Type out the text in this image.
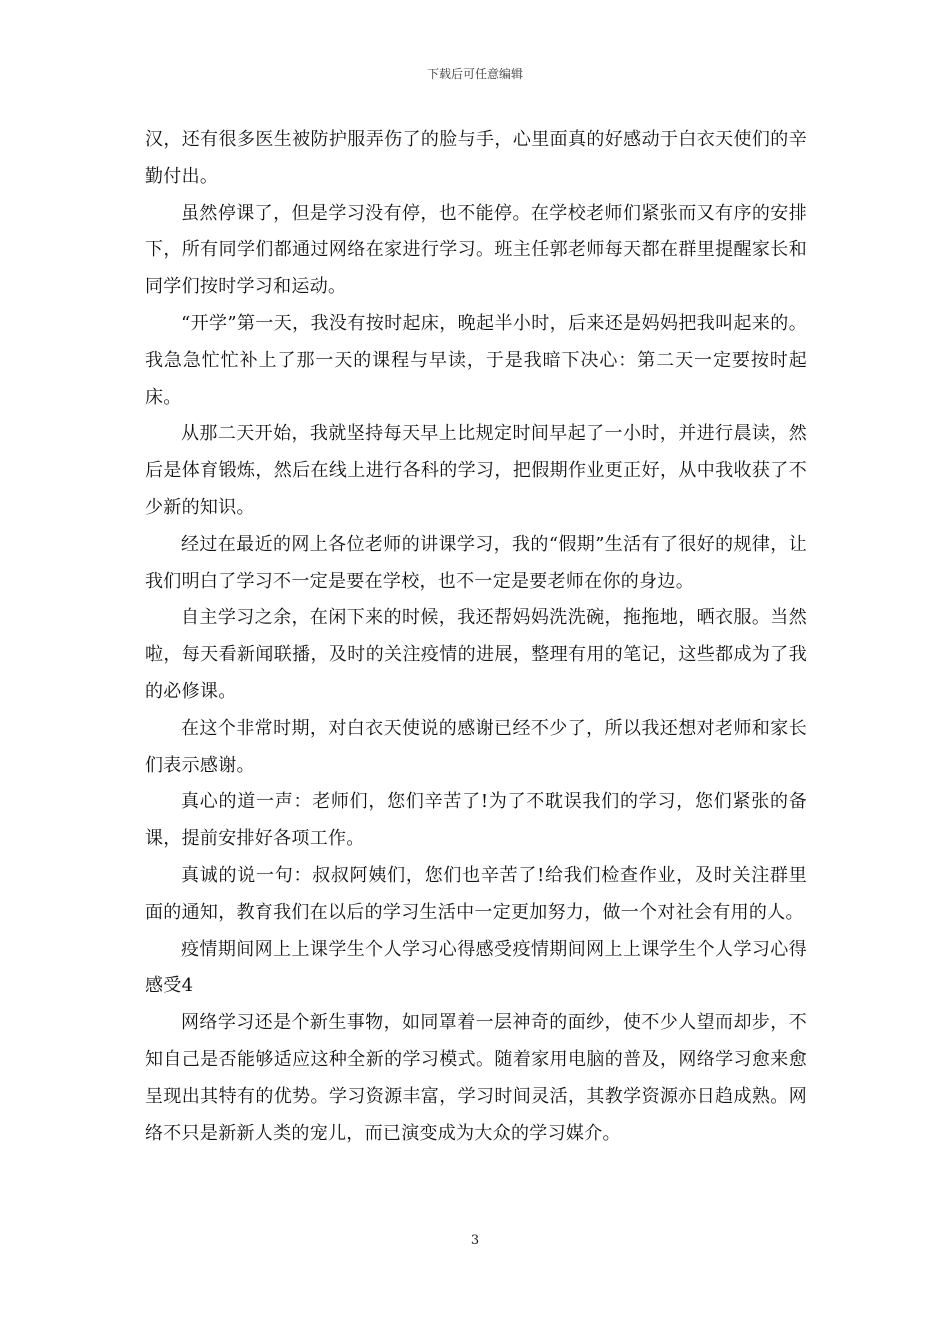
下载后可任意编辑

汉，还有很多医生被防护服弄伤了的脸与手，心里面真的好感动于白衣天使们的辛勤付出。

虽然停课了，但是学习没有停，也不能停。在学校老师们紧张而又有序的安排下，所有同学们都通过网络在家进行学习。班主任郭老师每天都在群里提醒家长和同学们按时学习和运动。

“开学”第一天，我没有按时起床，晚起半小时，后来还是妈妈把我叫起来的。我急急忙忙补上了那一天的课程与早读，于是我暗下决心：第二天一定要按时起床。

从那二天开始，我就坚持每天早上比规定时间早起了一小时，并进行晨读，然后是体育锻炼，然后在线上进行各科的学习，把假期作业更正好，从中我收获了不少新的知识。

经过在最近的网上各位老师的讲课学习，我的“假期”生活有了很好的规律，让我们明白了学习不一定是要在学校，也不一定是要老师在你的身边。

自主学习之余，在闲下来的时候，我还帮妈妈洗洗碗，拖拖地，晒衣服。当然啦，每天看新闻联播，及时的关注疫情的进展，整理有用的笔记，这些都成为了我的必修课。

在这个非常时期，对白衣天使说的感谢已经不少了，所以我还想对老师和家长们表示感谢。

真心的道一声：老师们，您们辛苦了!为了不耽误我们的学习，您们紧张的备课，提前安排好各项工作。

真诚的说一句：叔叔阿姨们，您们也辛苦了!给我们检查作业，及时关注群里面的通知，教育我们在以后的学习生活中一定更加努力，做一个对社会有用的人。

疫情期间网上上课学生个人学习心得感受疫情期间网上上课学生个人学习心得感受4

网络学习还是个新生事物，如同罩着一层神奇的面纱，使不少人望而却步，不知自己是否能够适应这种全新的学习模式。随着家用电脑的普及，网络学习愈来愈呈现出其特有的优势。学习资源丰富，学习时间灵活，其教学资源亦日趋成熟。网络不只是新新人类的宠儿，而已演变成为大众的学习媒介。

3
